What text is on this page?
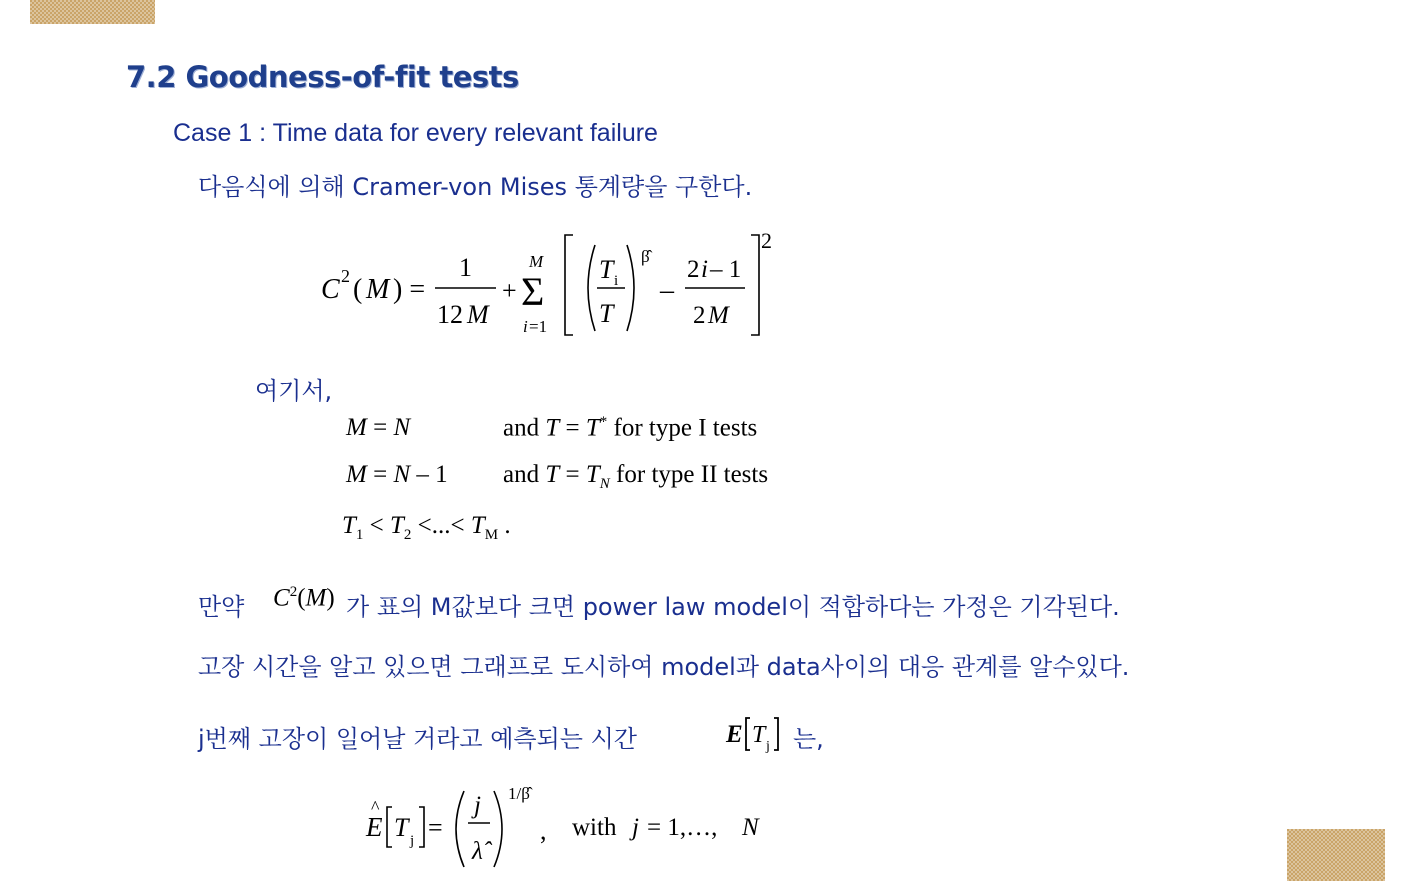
7.2 Goodness-of-fit tests
Case 1 : Time data for every relevant failure
다음식에 의해 Cramer-von Mises 통계량을 구한다.
C 2 ( M ) =
1
12 M
+
M
Σ
i =1
T i
T
β̂
–
2 i – 1
2 M
2
여기서,
M = N	and T = T* for type I tests
M = N – 1 and $T = T_N$ for type II tests
$T_1 < T_2$ <...< $T_M$ .
만약 $C^2(M)$ 가 표의 M값보다 크면 power law model이 적합하다는 가정은 기각된다.
고장 시간을 알고 있으면 그래프로 도시하여 model과 data사이의 대응 관계를 알수있다.
j번째 고장이 일어날 거라고 예측되는 시간	E T j 는,
E
^
T j =
j
λ̂
1/β̂
, with j = 1,…, N
